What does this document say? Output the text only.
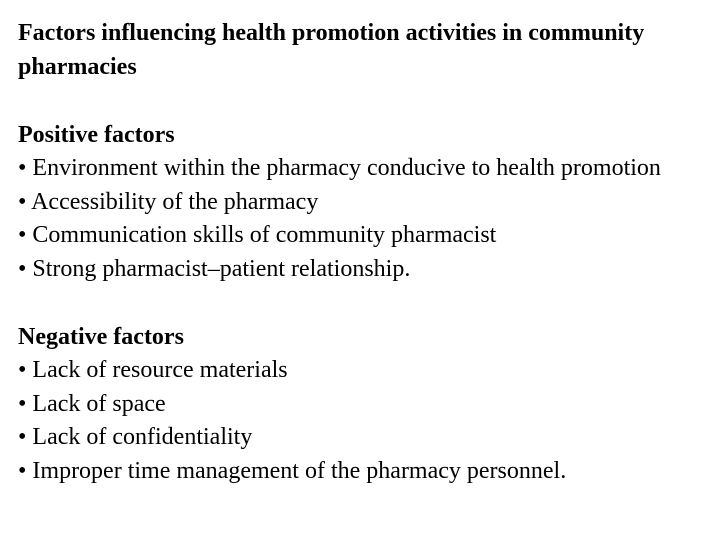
Factors influencing health promotion activities in community pharmacies

Positive factors

• Environment within the pharmacy conducive to health promotion

• Accessibility of the pharmacy

• Communication skills of community pharmacist

• Strong pharmacist–patient relationship.

Negative factors

• Lack of resource materials

• Lack of space

• Lack of confidentiality

• Improper time management of the pharmacy personnel.
